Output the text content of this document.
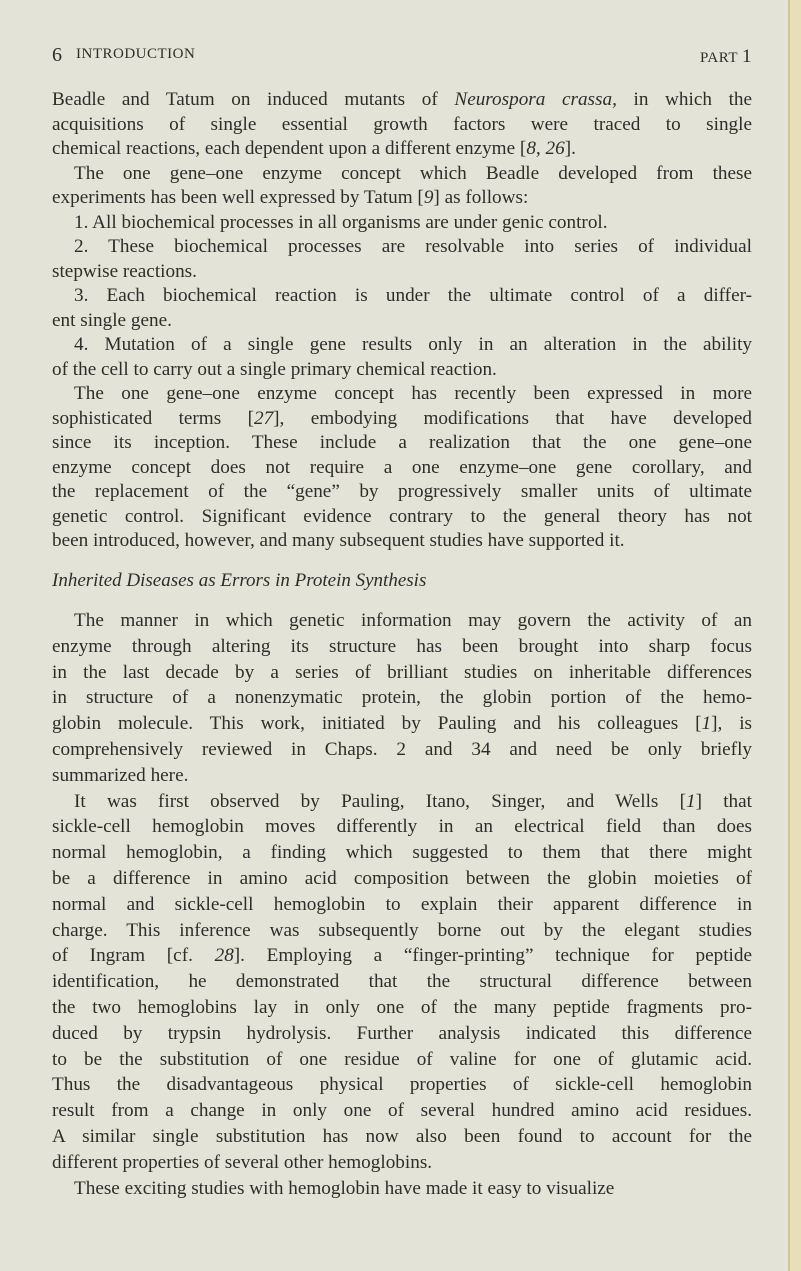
6 INTRODUCTION	PART 1
Beadle and Tatum on induced mutants of Neurospora crassa, in which the
acquisitions of single essential growth factors were traced to single
chemical reactions, each dependent upon a different enzyme [8, 26].
The one gene–one enzyme concept which Beadle developed from these
experiments has been well expressed by Tatum [9] as follows:
1. All biochemical processes in all organisms are under genic control.
2. These biochemical processes are resolvable into series of individual
stepwise reactions.
3. Each biochemical reaction is under the ultimate control of a differ-
ent single gene.
4. Mutation of a single gene results only in an alteration in the ability
of the cell to carry out a single primary chemical reaction.
The one gene–one enzyme concept has recently been expressed in more
sophisticated terms [27], embodying modifications that have developed
since its inception. These include a realization that the one gene–one
enzyme concept does not require a one enzyme–one gene corollary, and
the replacement of the “gene” by progressively smaller units of ultimate
genetic control. Significant evidence contrary to the general theory has not
been introduced, however, and many subsequent studies have supported it.
Inherited Diseases as Errors in Protein Synthesis
The manner in which genetic information may govern the activity of an
enzyme through altering its structure has been brought into sharp focus
in the last decade by a series of brilliant studies on inheritable differences
in structure of a nonenzymatic protein, the globin portion of the hemo-
globin molecule. This work, initiated by Pauling and his colleagues [1], is
comprehensively reviewed in Chaps. 2 and 34 and need be only briefly
summarized here.
It was first observed by Pauling, Itano, Singer, and Wells [1] that
sickle-cell hemoglobin moves differently in an electrical field than does
normal hemoglobin, a finding which suggested to them that there might
be a difference in amino acid composition between the globin moieties of
normal and sickle-cell hemoglobin to explain their apparent difference in
charge. This inference was subsequently borne out by the elegant studies
of Ingram [cf. 28]. Employing a “finger-printing” technique for peptide
identification, he demonstrated that the structural difference between
the two hemoglobins lay in only one of the many peptide fragments pro-
duced by trypsin hydrolysis. Further analysis indicated this difference
to be the substitution of one residue of valine for one of glutamic acid.
Thus the disadvantageous physical properties of sickle-cell hemoglobin
result from a change in only one of several hundred amino acid residues.
A similar single substitution has now also been found to account for the
different properties of several other hemoglobins.
These exciting studies with hemoglobin have made it easy to visualize
